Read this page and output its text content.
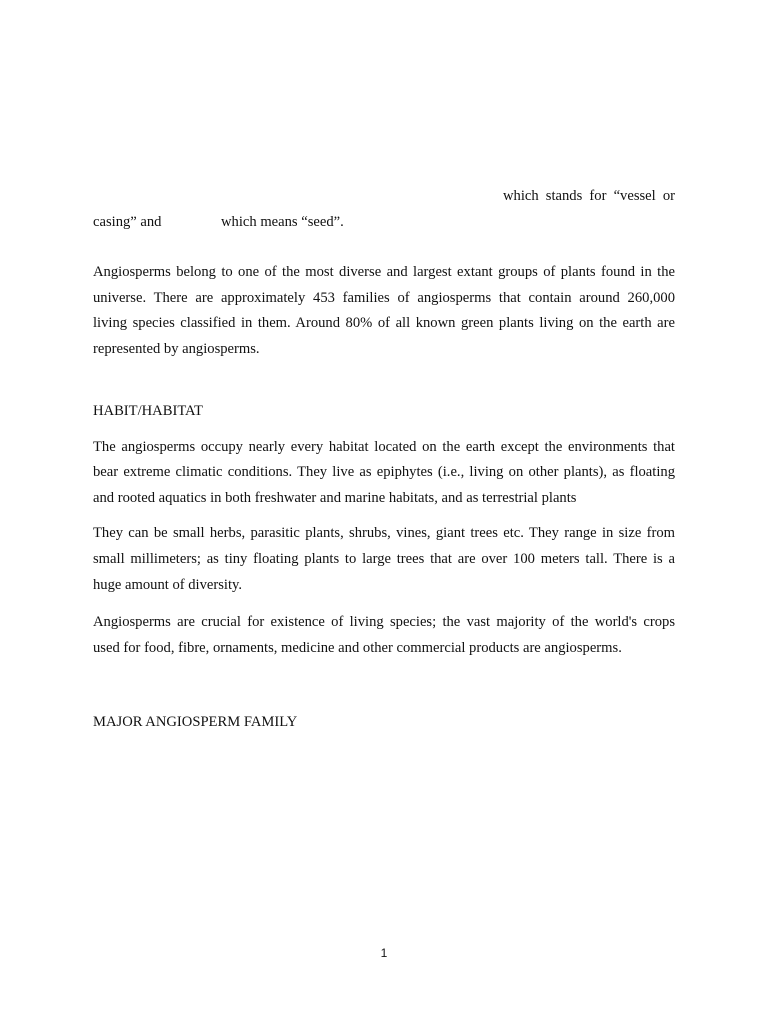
which stands for “vessel or
casing” and	which means “seed”.
Angiosperms belong to one of the most diverse and largest extant groups of plants found in the
universe. There are approximately 453 families of angiosperms that contain around 260,000
living species classified in them. Around 80% of all known green plants living on the earth are
represented by angiosperms.
HABIT/HABITAT
The angiosperms occupy nearly every habitat located on the earth except the environments that
bear extreme climatic conditions. They live as epiphytes (i.e., living on other plants), as floating
and rooted aquatics in both freshwater and marine habitats, and as terrestrial plants
They can be small herbs, parasitic plants, shrubs, vines, giant trees etc. They range in size from
small millimeters; as tiny floating plants to large trees that are over 100 meters tall. There is a
huge amount of diversity.
Angiosperms are crucial for existence of living species; the vast majority of the world's crops
used for food, fibre, ornaments, medicine and other commercial products are angiosperms.
MAJOR ANGIOSPERM FAMILY
1
